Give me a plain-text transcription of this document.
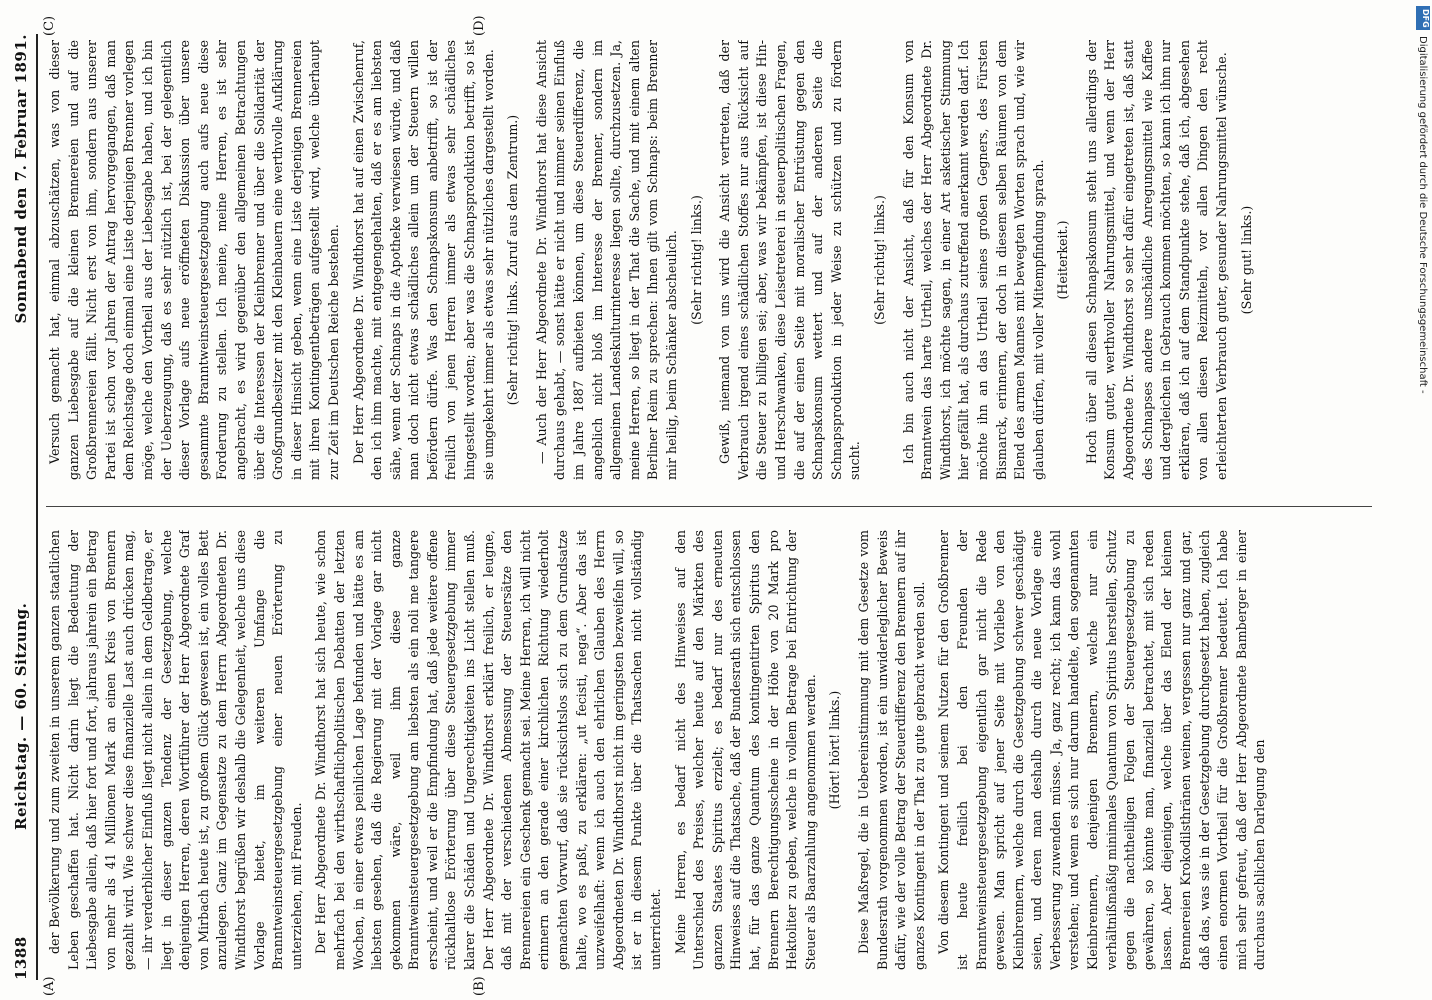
1388
Reichstag. — 60. Sitzung.
Sonnabend den 7. Februar 1891.
(A)	(B)
(C)	(D)

der Bevölkerung und zum zweiten in unserem ganzen staatlichen Leben geschaffen hat. Nicht darin liegt die Bedeutung der Liebesgabe allein, daß hier fort und fort, jahraus jahrein ein Betrag von mehr als 41 Millionen Mark an einen Kreis von Brennern gezahlt wird. Wie schwer diese finanzielle Last auch drücken mag, — ihr verderblicher Einfluß liegt nicht allein in dem Geldbetrage, er liegt in dieser ganzen Tendenz der Gesetzgebung, welche denjenigen Herren, deren Wortführer der Herr Abgeordnete Graf von Mirbach heute ist, zu großem Glück gewesen ist, ein volles Bett anzulegen. Ganz im Gegensatze zu dem Herrn Abgeordneten Dr. Windthorst begrüßen wir deshalb die Gelegenheit, welche uns diese Vorlage bietet, im weiteren Umfange die Branntweinsteuergesetzgebung einer neuen Erörterung zu unterziehen, mit Freuden. Der Herr Abgeordnete Dr. Windthorst hat sich heute, wie schon mehrfach bei den wirthschaftlichpolitischen Debatten der letzten Wochen, in einer etwas peinlichen Lage befunden und hätte es am liebsten gesehen, daß die Regierung mit der Vorlage gar nicht gekommen wäre, weil ihm diese ganze Branntweinsteuergesetzgebung am liebsten als ein noli me tangere erscheint, und weil er die Empfindung hat, daß jede weitere offene rückhaltlose Erörterung über diese Steuergesetzgebung immer klarer die Schäden und Ungerechtigkeiten ins Licht stellen muß. Der Herr Abgeordnete Dr. Windthorst erklärt freilich, er leugne, daß mit der verschiedenen Abmessung der Steuersätze den Brennereien ein Geschenk gemacht sei. Meine Herren, ich will nicht erinnern an den gerade einer kirchlichen Richtung wiederholt gemachten Vorwurf, daß sie rücksichtslos sich zu dem Grundsatze halte, wo es paßt, zu erklären: „ut fecisti, nega“. Aber das ist unzweifelhaft: wenn ich auch den ehrlichen Glauben des Herrn Abgeordneten Dr. Windthorst nicht im geringsten bezweifeln will, so ist er in diesem Punkte über die Thatsachen nicht vollständig unterrichtet. Meine Herren, es bedarf nicht des Hinweises auf den Unterschied des Preises, welcher heute auf den Märkten des ganzen Staates Spiritus erzielt; es bedarf nur des erneuten Hinweises auf die Thatsache, daß der Bundesrath sich entschlossen hat, für das ganze Quantum des kontingentirten Spiritus den Brennern Berechtigungsscheine in der Höhe von 20 Mark pro Hektoliter zu geben, welche in vollem Betrage bei Entrichtung der Steuer als Baarzahlung angenommen werden. (Hört! hört! links.) Diese Maßregel, die in Uebereinstimmung mit dem Gesetze vom Bundesrath vorgenommen worden, ist ein unwiderleglicher Beweis dafür, wie der volle Betrag der Steuerdifferenz den Brennern auf ihr ganzes Kontingent in der That zu gute gebracht werden soll. Von diesem Kontingent und seinem Nutzen für den Großbrenner ist heute freilich bei den Freunden der Branntweinsteuergesetzgebung eigentlich gar nicht die Rede gewesen. Man spricht auf jener Seite mit Vorliebe von den Kleinbrennern, welche durch die Gesetzgebung schwer geschädigt seien, und deren man deshalb durch die neue Vorlage eine Verbesserung zuwenden müsse. Ja, ganz recht; ich kann das wohl verstehen; und wenn es sich nur darum handelte, den sogenannten Kleinbrennern, denjenigen Brennern, welche nur ein verhältnißmäßig minimales Quantum von Spiritus herstellen, Schutz gegen die nachtheiligen Folgen der Steuergesetzgebung zu gewähren, so könnte man, finanziell betrachtet, mit sich reden lassen. Aber diejenigen, welche über das Elend der kleinen Brennereien Krokodilsthränen weinen, vergessen nur ganz und gar, daß das, was sie in der Gesetzgebung durchgesetzt haben, zugleich einen enormen Vortheil für die Großbrenner bedeutet. Ich habe mich sehr gefreut, daß der Herr Abgeordnete Bamberger in einer durchaus sachlichen Darlegung den

Versuch gemacht hat, einmal abzuschätzen, was von dieser ganzen Liebesgabe auf die kleinen Brennereien und auf die Großbrennereien fällt. Nicht erst von ihm, sondern aus unserer Partei ist schon vor Jahren der Antrag hervorgegangen, daß man dem Reichstage doch einmal eine Liste derjenigen Brenner vorlegen möge, welche den Vortheil aus der Liebesgabe haben, und ich bin der Ueberzeugung, daß es sehr nützlich ist, bei der gelegentlich dieser Vorlage aufs neue eröffneten Diskussion über unsere gesammte Branntweinsteuergesetzgebung auch aufs neue diese Forderung zu stellen. Ich meine, meine Herren, es ist sehr angebracht, es wird gegenüber den allgemeinen Betrachtungen über die Interessen der Kleinbrenner und über die Solidarität der Großgrundbesitzer mit den Kleinbauern eine werthvolle Aufklärung in dieser Hinsicht geben, wenn eine Liste derjenigen Brennereien mit ihren Kontingentbeträgen aufgestellt wird, welche überhaupt zur Zeit im Deutschen Reiche bestehen. Der Herr Abgeordnete Dr. Windthorst hat auf einen Zwischenruf, den ich ihm machte, mit entgegengehalten, daß er es am liebsten sähe, wenn der Schnaps in die Apotheke verwiesen würde, und daß man doch nicht etwas schädliches allein um der Steuern willen befördern dürfe. Was den Schnapskonsum anbetrifft, so ist der freilich von jenen Herren immer als etwas sehr schädliches hingestellt worden; aber was die Schnapsproduktion betrifft, so ist sie umgekehrt immer als etwas sehr nützliches dargestellt worden. (Sehr richtig! links. Zuruf aus dem Zentrum.) — Auch der Herr Abgeordnete Dr. Windthorst hat diese Ansicht durchaus gehabt, — sonst hätte er nicht und nimmer seinen Einfluß im Jahre 1887 aufbieten können, um diese Steuerdifferenz, die angeblich nicht bloß im Interesse der Brenner, sondern im allgemeinen Landeskulturinteresse liegen sollte, durchzusetzen. Ja, meine Herren, so liegt in der That die Sache, und mit einem alten Berliner Reim zu sprechen: Ihnen gilt vom Schnaps: beim Brenner mir heilig, beim Schänker abscheulich. (Sehr richtig! links.) Gewiß, niemand von uns wird die Ansicht vertreten, daß der Verbrauch irgend eines schädlichen Stoffes nur aus Rücksicht auf die Steuer zu billigen sei; aber, was wir bekämpfen, ist diese Hin- und Herschwanken, diese Leisetreterei in steuerpolitischen Fragen, die auf der einen Seite mit moralischer Entrüstung gegen den Schnapskonsum wettert und auf der anderen Seite die Schnapsproduktion in jeder Weise zu schützen und zu fördern sucht.

(Sehr richtig! links.) Ich bin auch nicht der Ansicht, daß für den Konsum von Branntwein das harte Urtheil, welches der Herr Abgeordnete Dr. Windthorst, ich möchte sagen, in einer Art asketischer Stimmung hier gefällt hat, als durchaus zutreffend anerkannt werden darf. Ich möchte ihn an das Urtheil seines großen Gegners, des Fürsten Bismarck, erinnern, der doch in diesem selben Räumen von dem Elend des armen Mannes mit bewegten Worten sprach und, wie wir glauben dürfen, mit voller Mitempfindung sprach. (Heiterkeit.) Hoch über all diesen Schnapskonsum steht uns allerdings der Konsum guter, werthvoller Nahrungsmittel, und wenn der Herr Abgeordnete Dr. Windthorst so sehr dafür eingetreten ist, daß statt des Schnapses andere unschädliche Anregungsmittel wie Kaffee und dergleichen in Gebrauch kommen möchten, so kann ich ihm nur erklären, daß ich auf dem Standpunkte stehe, daß ich, abgesehen von allen diesen Reizmitteln, vor allen Dingen den recht erleichterten Verbrauch guter, gesunder Nahrungsmittel wünsche. (Sehr gut! links.)

DFG
Digitalisierung gefördert durch die Deutsche Forschungsgemeinschaft -
